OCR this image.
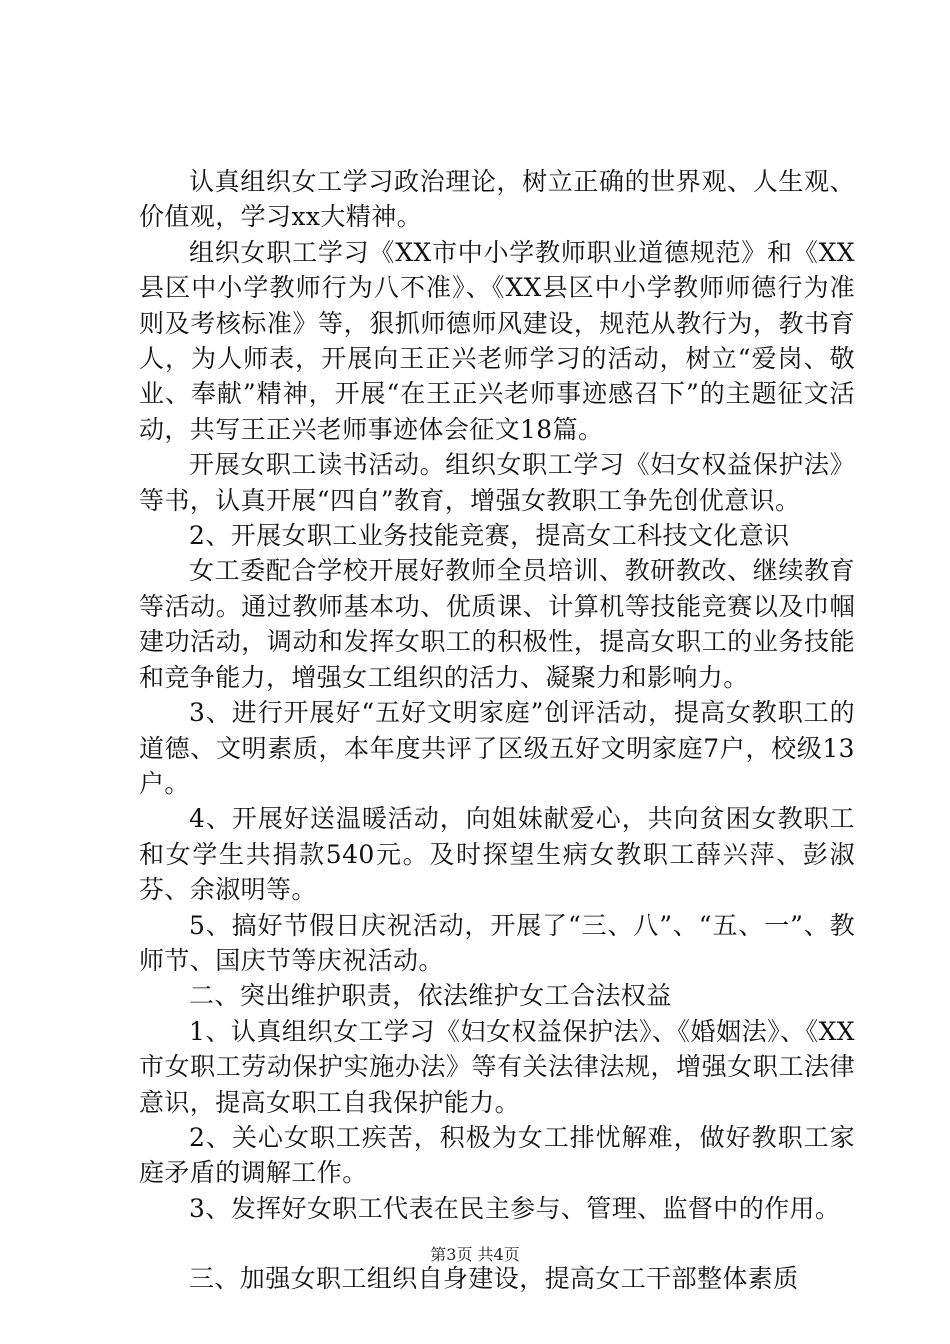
认真组织女工学习政治理论，树立正确的世界观、人生观、价值观，学习xx大精神。

组织女职工学习《XX市中小学教师职业道德规范》和《XX县区中小学教师行为八不准》、《XX县区中小学教师师德行为准则及考核标准》等，狠抓师德师风建设，规范从教行为，教书育人，为人师表，开展向王正兴老师学习的活动，树立“爱岗、敬业、奉献”精神，开展“在王正兴老师事迹感召下”的主题征文活动，共写王正兴老师事迹体会征文18篇。

开展女职工读书活动。组织女职工学习《妇女权益保护法》等书，认真开展“四自”教育，增强女教职工争先创优意识。

2、开展女职工业务技能竞赛，提高女工科技文化意识

女工委配合学校开展好教师全员培训、教研教改、继续教育等活动。通过教师基本功、优质课、计算机等技能竞赛以及巾帼建功活动，调动和发挥女职工的积极性，提高女职工的业务技能和竞争能力，增强女工组织的活力、凝聚力和影响力。

3、进行开展好“五好文明家庭”创评活动，提高女教职工的道德、文明素质，本年度共评了区级五好文明家庭7户，校级13户。

4、开展好送温暖活动，向姐妹献爱心，共向贫困女教职工和女学生共捐款540元。及时探望生病女教职工薛兴萍、彭淑芬、余淑明等。

5、搞好节假日庆祝活动，开展了“三、八”、“五、一”、教师节、国庆节等庆祝活动。

二、突出维护职责，依法维护女工合法权益

1、认真组织女工学习《妇女权益保护法》、《婚姻法》、《XX市女职工劳动保护实施办法》等有关法律法规，增强女职工法律意识，提高女职工自我保护能力。

2、关心女职工疾苦，积极为女工排忧解难，做好教职工家庭矛盾的调解工作。

3、发挥好女职工代表在民主参与、管理、监督中的作用。

三、加强女职工组织自身建设，提高女工干部整体素质

第3页 共4页
